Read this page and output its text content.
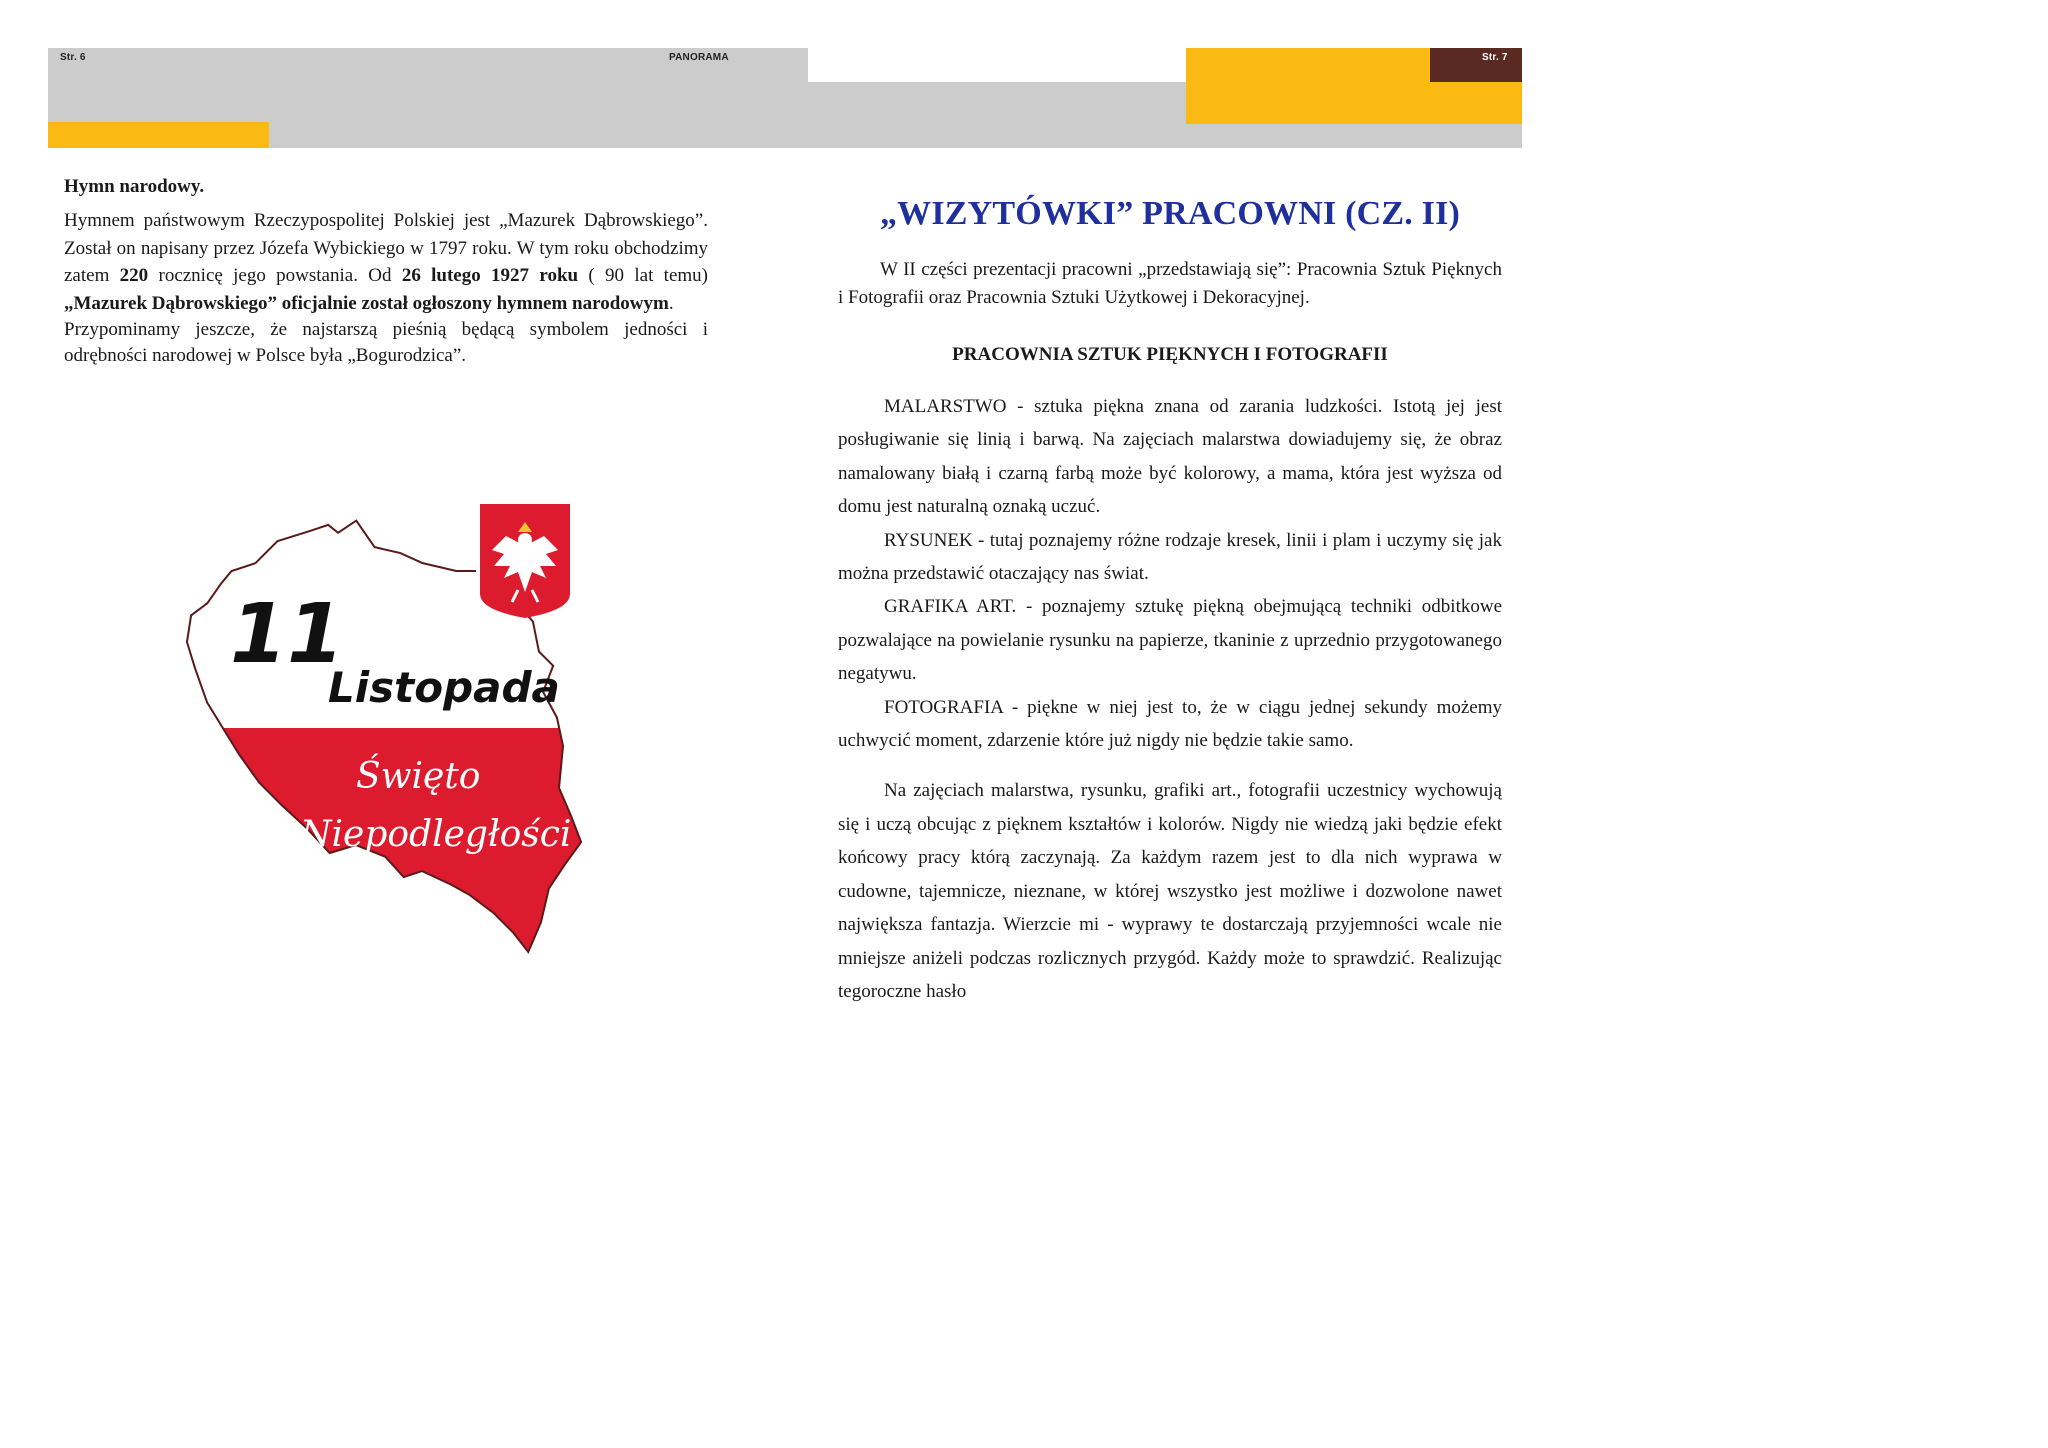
Str. 6	PANORAMA	Str. 7
Hymn narodowy.

Hymnem państwowym Rzeczypospolitej Polskiej jest „Mazurek Dąbrowskiego”. Został on napisany przez Józefa Wybickiego w 1797 roku. W tym roku obchodzimy zatem 220 rocznicę jego powstania. Od 26 lutego 1927 roku ( 90 lat temu) „Mazurek Dąbrowskiego” oficjalnie został ogłoszony hymnem narodowym.

Przypominamy jeszcze, że najstarszą pieśnią będącą symbolem jedności i odrębności narodowej w Polsce była „Bogurodzica”.

11
Listopada
Święto
Niepodległości
„WIZYTÓWKI” PRACOWNI (CZ. II)

W II części prezentacji pracowni „przedstawiają się”: Pracownia Sztuk Pięknych i Fotografii oraz Pracownia Sztuki Użytkowej i Dekoracyjnej.

PRACOWNIA SZTUK PIĘKNYCH I FOTOGRAFII

MALARSTWO - sztuka piękna znana od zarania ludzkości. Istotą jej jest posługiwanie się linią i barwą. Na zajęciach malarstwa dowiadujemy się, że obraz namalowany białą i czarną farbą może być kolorowy, a mama, która jest wyższa od domu jest naturalną oznaką uczuć.

RYSUNEK - tutaj poznajemy różne rodzaje kresek, linii i plam i uczymy się jak można przedstawić otaczający nas świat.

GRAFIKA ART. - poznajemy sztukę piękną obejmującą techniki odbitkowe pozwalające na powielanie rysunku na papierze, tkaninie z uprzednio przygotowanego negatywu.

FOTOGRAFIA - piękne w niej jest to, że w ciągu jednej sekundy możemy uchwycić moment, zdarzenie które już nigdy nie będzie takie samo.

Na zajęciach malarstwa, rysunku, grafiki art., fotografii uczestnicy wychowują się i uczą obcując z pięknem kształtów i kolorów. Nigdy nie wiedzą jaki będzie efekt końcowy pracy którą zaczynają. Za każdym razem jest to dla nich wyprawa w cudowne, tajemnicze, nieznane, w której wszystko jest możliwe i dozwolone nawet największa fantazja. Wierzcie mi - wyprawy te dostarczają przyjemności wcale nie mniejsze aniżeli podczas rozlicznych przygód. Każdy może to sprawdzić. Realizując tegoroczne hasło
